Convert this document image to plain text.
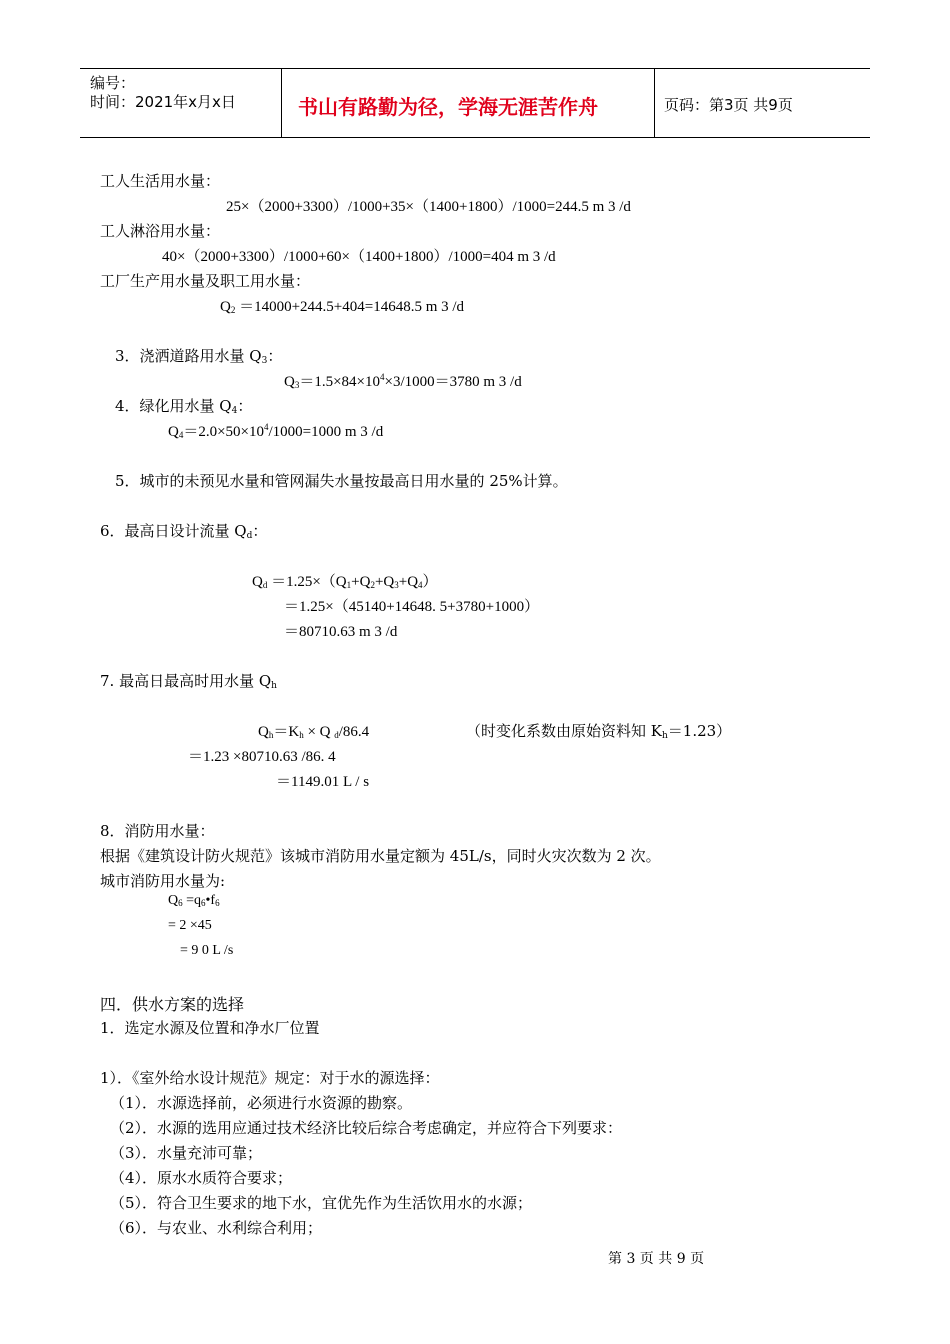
编号：
时间：2021年x月x日	书山有路勤为径，学海无涯苦作舟	页码：第3页 共9页
工人生活用水量：
25×（2000+3300）/1000+35×（1400+1800）/1000=244.5 m 3 /d
工人淋浴用水量：
40×（2000+3300）/1000+60×（1400+1800）/1000=404 m 3 /d
工厂生产用水量及职工用水量：
$Q_2 =14000+244.5+404=14648.5$ m 3 /d
3．浇洒道路用水量 $Q_3$：
$Q_3=1.5\times 84\times 10^4\times 3/1000=3780$ m 3 /d
4．绿化用水量 $Q_4$：
$Q_4=2.0\times 50\times 10^4/1000=1000$ m 3 /d
5．城市的未预见水量和管网漏失水量按最高日用水量的 25%计算。
6．最高日设计流量 $Q_d$：
$Q_d =1.25\times(Q_1+Q_2+Q_3+Q_4)$
＝1.25×（45140+14648. 5+3780+1000）
＝80710.63 m 3 /d
7. 最高日最高时用水量 $Q_h$
$Q_h=K_h \times Q$ $_d$/86.4	（时变化系数由原始资料知 $K_h=1.23$）
＝1.23 ×80710.63 /86. 4
＝1149.01 L / s
8．消防用水量：
根据《建筑设计防火规范》该城市消防用水量定额为 45L/s，同时火灾次数为 2 次。
城市消防用水量为:
$Q_6$ $=q_6•f_6$
= 2 ×45
= 9 0 L /s
四．供水方案的选择
1．选定水源及位置和净水厂位置
1）．《室外给水设计规范》规定：对于水的源选择：
（1）．水源选择前，必须进行水资源的勘察。
（2）．水源的选用应通过技术经济比较后综合考虑确定，并应符合下列要求：
（3）．水量充沛可靠；
（4）．原水水质符合要求；
（5）．符合卫生要求的地下水，宜优先作为生活饮用水的水源；
（6）．与农业、水利综合利用；
第 3 页 共 9 页
